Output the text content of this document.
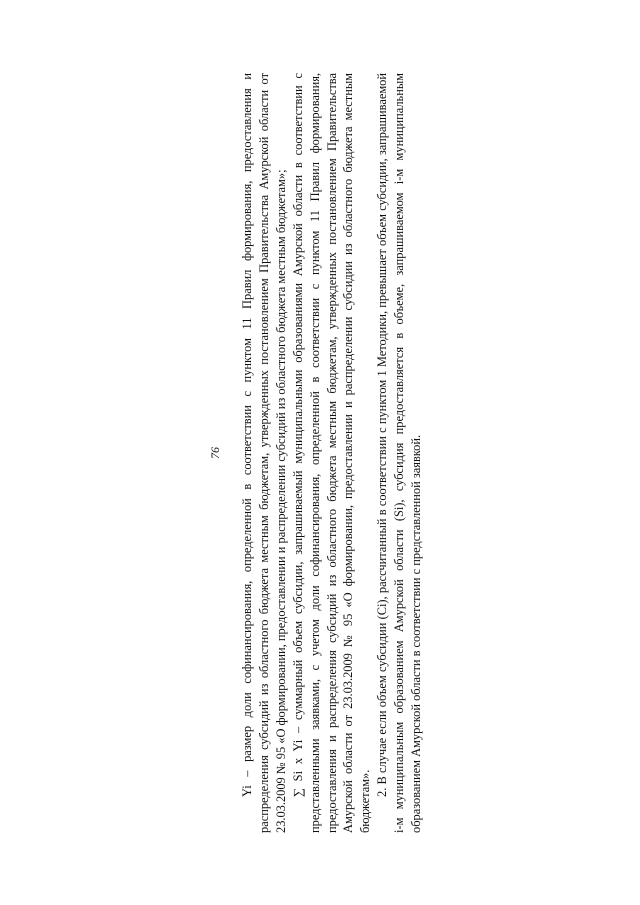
76 Yi – размер доли софинансирования, определенной в соответствии с пунктом 11 Правил формирования, предоставления и распределения субсидий из областного бюджета местным бюджетам, утвержденных постановлением Правительства Амурской области от 23.03.2009 № 95 «О формировании, предоставлении и распределении субсидий из областного бюджета местным бюджетам»; ∑ Si x Yi – суммарный объем субсидии, запрашиваемый муниципальными образованиями Амурской области в соответствии с представленными заявками, с учетом доли софинансирования, определенной в соответствии с пунктом 11 Правил формирования, предоставления и распределения субсидий из областного бюджета местным бюджетам, утвержденных постановлением Правительства Амурской области от 23.03.2009 № 95 «О формировании, предоставлении и распределении субсидии из областного бюджета местным бюджетам».

2. В случае если объем субсидии (Ci), рассчитанный в соответствии с пунктом 1 Методики, превышает объем субсидии, запрашиваемой i-м муниципальным образованием Амурской области (Si), субсидия предоставляется в объеме, запрашиваемом i-м муниципальным образованием Амурской области в соответствии с представленной заявкой.
